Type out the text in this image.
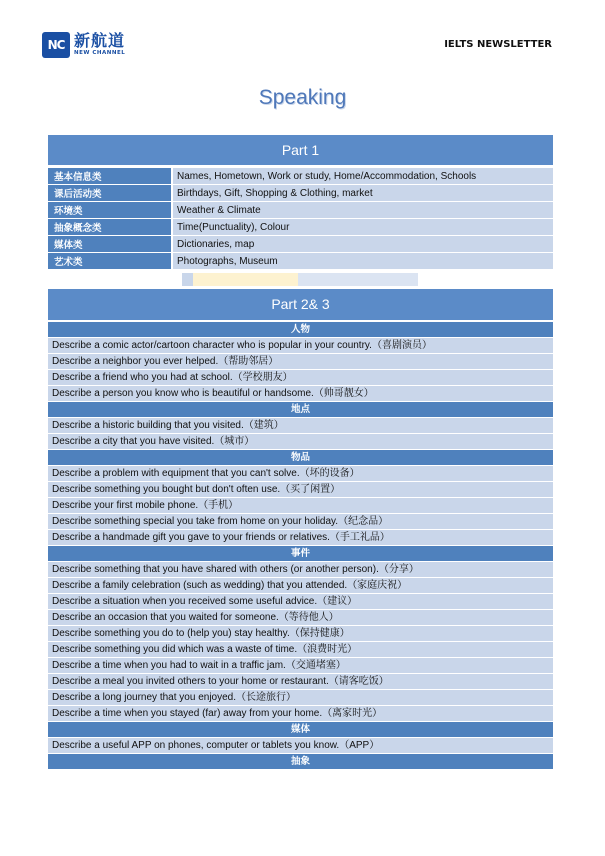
NC 新航道
NEW CHANNEL
IELTS NEWSLETTER
Speaking
Part 1
基本信息类	Names, Hometown, Work or study, Home/Accommodation, Schools
课后活动类	Birthdays, Gift, Shopping & Clothing, market
环境类	Weather & Climate
抽象概念类	Time(Punctuality), Colour
媒体类	Dictionaries, map
艺术类	Photographs, Museum
Part 2& 3
人物
Describe a comic actor/cartoon character who is popular in your country.（喜剧演员）
Describe a neighbor you ever helped.（帮助邻居）
Describe a friend who you had at school.（学校朋友）
Describe a person you know who is beautiful or handsome.（帅哥靓女）
地点
Describe a historic building that you visited.（建筑）
Describe a city that you have visited.（城市）
物品
Describe a problem with equipment that you can't solve.（坏的设备）
Describe something you bought but don't often use.（买了闲置）
Describe your first mobile phone.（手机）
Describe something special you take from home on your holiday.（纪念品）
Describe a handmade gift you gave to your friends or relatives.（手工礼品）
事件
Describe something that you have shared with others (or another person).（分享）
Describe a family celebration (such as wedding) that you attended.（家庭庆祝）
Describe a situation when you received some useful advice.（建议）
Describe an occasion that you waited for someone.（等待他人）
Describe something you do to (help you) stay healthy.（保持健康）
Describe something you did which was a waste of time.（浪费时光）
Describe a time when you had to wait in a traffic jam.（交通堵塞）
Describe a meal you invited others to your home or restaurant.（请客吃饭）
Describe a long journey that you enjoyed.（长途旅行）
Describe a time when you stayed (far) away from your home.（离家时光）
媒体
Describe a useful APP on phones, computer or tablets you know.（APP）
抽象
